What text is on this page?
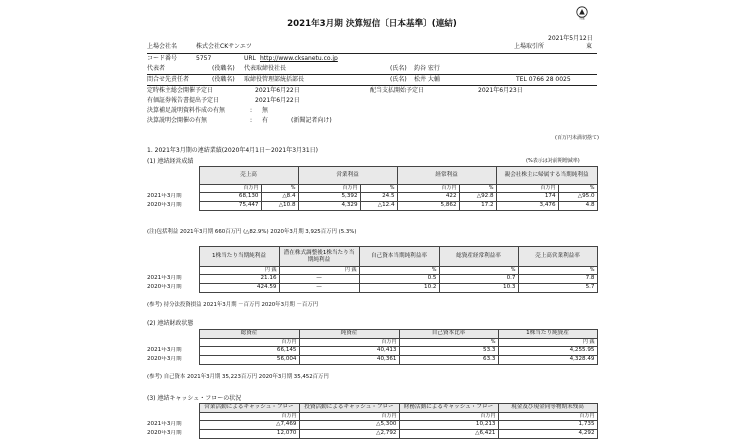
TSE
2021年3月期 決算短信〔日本基準〕(連結)
2021年5月12日
上場会社名	株式会社CKサンエツ	上場取引所	東
コード番号	5757	URL http://www.cksanetu.co.jp
代表者	(役職名) 代表取締役社長	(氏名) 釣谷 宏行
問合せ先責任者	(役職名) 取締役管理部統括部長	(氏名) 松井 大輔	TEL 0766 28 0025
定時株主総会開催予定日	2021年6月22日	配当支払開始予定日	2021年6月23日
有価証券報告書提出予定日	2021年6月22日
決算補足説明資料作成の有無	: 無
決算説明会開催の有無	: 有	(新聞記者向け)
(百万円未満切捨て)
1. 2021年3月期の連結業績(2020年4月1日～2021年3月31日)
(1) 連結経営成績	(%表示は対前期増減率)
	売上高		営業利益		経常利益		親会社株主に帰属する当期純利益	
	百万円	%	百万円	%	百万円	%	百万円	%
2021年3月期	68,130	△8.4	5,392	24.5	422	△92.8	174	△95.0
2020年3月期	75,447	△10.8	4,329	△12.4	5,862	17.2	3,476	4.8
(注)包括利益 2021年3月期 660百万円 (△82.9%) 2020年3月期 3,925百万円 (5.3%)
	1株当たり当期純利益	潜在株式調整後1株当たり当期純利益	自己資本当期純利益率	総資産経常利益率	売上高営業利益率
	円 銭	円 銭	%	%	%
2021年3月期	21.16	—	0.5	0.7	7.8
2020年3月期	424.59	—	10.2	10.3	5.7
(参考) 持分法投資損益 2021年3月期 －百万円 2020年3月期 －百万円
(2) 連結財政状態
	総資産	純資産	自己資本比率	1株当たり純資産
	百万円	百万円	%	円 銭
2021年3月期	66,145	40,413	53.3	4,255.95
2020年3月期	56,004	40,361	63.3	4,328.49
(参考) 自己資本 2021年3月期 35,223百万円 2020年3月期 35,452百万円
(3) 連結キャッシュ・フローの状況
	営業活動によるキャッシュ・フロー	投資活動によるキャッシュ・フロー	財務活動によるキャッシュ・フロー	現金及び現金同等物期末残高
	百万円	百万円	百万円	百万円
2021年3月期	△7,469	△5,300	10,213	1,735
2020年3月期	12,070	△2,792	△6,421	4,292
